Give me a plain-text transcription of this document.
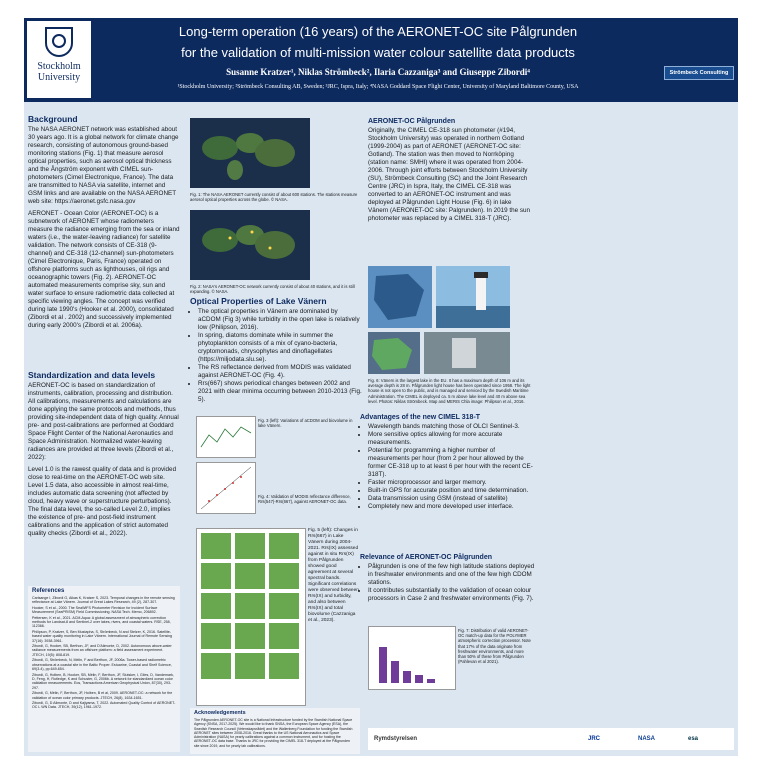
Stockholm University
Long-term operation (16 years) of the AERONET-OC site Pålgrunden
for the validation of multi-mission water colour satellite data products
Susanne Kratzer¹, Niklas Strömbeck², Ilaria Cazzaniga³ and Giuseppe Zibordi⁴
¹Stockholm University; ²Strömbeck Consulting AB, Sweden; ³JRC, Ispra, Italy; ⁴NASA Goddard Space Flight Center, University of Maryland Baltimore County, USA
Strömbeck Consulting
Background
The NASA AERONET network was established about 30 years ago. It is a global network for climate change research, consisting of autonomous ground-based monitoring stations (Fig. 1) that measure aerosol optical properties, such as aerosol optical thickness and the Ångström exponent with CIMEL sun-photometers (Cimel Electronique, France). The data are transmitted to NASA via satellite, internet and GSM links and are available on the NASA AERONET web site: https://aeronet.gsfc.nasa.gov
AERONET - Ocean Color (AERONET-OC) is a subnetwork of AERONET whose radiometers measure the radiance emerging from the sea or inland waters (i.e., the water-leaving radiance) for satellite validation. The network consists of CE-318 (9-channel) and CE-318 (12-channel) sun-photometers (Cimel Electronique, Paris, France) operated on offshore platforms such as lighthouses, oil rigs and oceanographic towers (Fig. 2). AERONET-OC automated measurements comprise sky, sun and water surface to ensure radiometric data collected at specific viewing angles. The concept was verified during late 1990's (Hooker et al. 2000), consolidated (Zibordi et al . 2002) and successively implemented during early 2000's (Zibordi et al. 2006a).
Standardization and data levels
AERONET-OC is based on standardization of instruments, calibration, processing and distribution. All calibrations, measurements and calculations are done applying the same protocols and methods, thus providing site-independent data of high quality. Annual pre- and post-calibrations are performed at Goddard Space Flight Center of the National Aeronautics and Space Administration. Normalized water-leaving radiances are provided at three levels (Zibordi et al., 2022):
Level 1.0 is the rawest quality of data and is provided close to real-time on the AERONET-OC web site. Level 1.5 data, also accessible in almost real-time, includes automatic data screening (not affected by cloud, heavy wave or superstructure perturbations). The final data level, the so-called Level 2.0, implies the existence of pre- and post-field instrument calibrations and the application of strict automated quality checks (Zibordi et al., 2022).
References
Carlsange I, Zibordi G, Aikas K, Kratzer S, 2023. Temporal changes in the remote sensing reflectance at Lake Vänern. Journal of Great Lakes Research, 49 (2), 287-307.
Hooker, S et al., 2000. The SeaWiFS Photometer Revision for Incident Surface Measurement (SeaPRISM) Field Commissioning. NASA Tech. Memo, 206892.
Pettersen, K et al., 2021. ACM-Aqua: A global assessment of atmospheric correction methods for Landsat-8 and Sentinel-2 over lakes, rivers, and coastal waters. RSE, 258, 112366.
Philipson, P, Kratzer, S, Ben Mustapha, S, Strömbeck, N and Stelzer, K, 2016. Satellite-based water quality monitoring in Lake Vänern. International Journal of Remote Sensing 37(16): 3938-3961.
Zibordi, G, Hooker, SB, Berthon, JF, and D'Alimonte, D, 2002. Autonomous above-water radiance measurements from an offshore platform: a field assessment experiment. JTECH, 19(5): 808-819.
Zibordi, G, Strömbeck, N, Mélin, F and Berthon, JF, 2006a. Tower-based radiometric observations at a coastal site in the Baltic Proper. Estuarine, Coastal and Shelf Science, 69(3-4), pp.649-654.
Zibordi, G, Holben, B, Hooker, SB, Mélin, F, Berthon, JF, Slutsker, I, Giles, D, Vandemark, D, Feng, H, Rutledge, K and Schuster, G, 2006b. A network for standardized ocean color validation measurements. Eos, Transactions American Geophysical Union, 87(30), 293-297.
Zibordi, G, Mélin, F, Berthon, JF, Holben, B et al, 2009. AERONET-OC: a network for the validation of ocean color primary products. JTECH, 26(8), 1634-1651.
Zibordi, G, D Alimonte, D and Kajiyama, T, 2022. Automated Quality Control of AERONET-OC L WN Data. JTECH, 39(12), 1961-1972.
Fig. 1: The NASA AERONET currently consist of about 600 stations. The stations measure aerosol optical properties across the globe. © NASA.
Fig. 2: NASA's AERONET-OC network currently consist of about 40 stations, and it is still expanding. © NASA.
Optical Properties of Lake Vänern
• The optical properties in Vänern are dominated by aCDOM (Fig 3) while turbidity in the open lake is relatively low (Philipson, 2016).
• In spring, diatoms dominate while in summer the phytoplankton consists of a mix of cyano-bacteria, cryptomonads, chrysophytes and dinoflagellates (https://miljodata.slu.se).
• The RS reflectance derived from MODIS was validated against AERONET-OC (Fig. 4).
• Rrs(667) shows periodical changes between 2002 and 2021 with clear minima occurring between 2010-2013 (Fig. 5).
Fig. 3 (left): Variations of aCDOM and biovolume in lake Vänern.
Fig. 4: Validation of MODIS reflectance difference, Rrs(547)-Rrs(667), against AERONET-OC data.
Fig. 5 (left): Changes in Rrs(667) in Lake Vänern during 2004-2021. Rrs(IX) assessed against in situ Rrs(IX) from Pålgrunden showed good agreement at several spectral bands. Significant correlations were observed between Rrs(IX) and turbidity, and also between Rrs(IX) and total biovolume (Cazzaniga et al., 2023).
Acknowledgements
The Pålgrunden AERONET-OC site is a National Infrastructure funded by the Swedish National Space Agency (SNSA, 2017-2025). We would like to thank SNSA, the European Space Agency (ESA), the Swedish Research Council (Vetenskapsrådet) and the Wallenberg Foundation for funding the Swedish AERONET sites between 2008-2016. Great thanks to the US National Aeronautics and Space Administration (NASA) for yearly calibrations against a common instrument, and for hosting the AERONET-OC data base. Thanks to JRC for providing the CIMEL 318-T deployed at the Pålgrunden site since 2019, and for yearly lab calibrations.
AERONET-OC Pålgrunden
Originally, the CIMEL CE-318 sun photometer (#194, Stockholm University) was operated in northern Gotland (1999-2004) as part of AERONET (AERONET-OC site: Gotland). The station was then moved to Norrköping (station name: SMHI) where it was operated from 2004-2006. Through joint efforts between Stockholm University (SU), Strömbeck Consulting (SC) and the Joint Research Centre (JRC) in Ispra, Italy, the CIMEL CE-318 was converted to an AERONET-OC instrument and was deployed at Pålgrunden Light House (Fig. 6) in lake Vänern (AERONET-OC site: Palgrunden). In 2019 the sun photometer was replaced by a CIMEL 318-T (JRC).
Fig. 6: Vänern is the largest lake in the EU. It has a maximum depth of 106 m and its average depth is 28 m. Pålgrunden light house has been operated since 1958. The light house is not open to the public, and is managed and serviced by the Swedish Maritime Administration. The CIMEL is deployed ca. 5 m above lake level and 40 m above sea level. Photos: Niklas Strömbeck. Map and MERIS Chla image: Philipson et al., 2016.
Advantages of the new CIMEL 318-T
• Wavelength bands matching those of OLCI Sentinel-3.
• More sensitive optics allowing for more accurate measurements.
• Potential for programming a higher number of measurements per hour (from 2 per hour allowed by the former CE-318 up to at least 6 per hour with the recent CE-318T).
• Faster microprocessor and larger memory.
• Built-in GPS for accurate position and time determination.
• Data transmission using GSM (instead of satellite)
• Completely new and more developed user interface.
Relevance of AERONET-OC Pålgrunden
• Pålgrunden is one of the few high latitude stations deployed in freshwater environments and one of the few high CDOM stations.
• It contributes substantially to the validation of ocean colour processors in Case 2 and freshwater environments (Fig. 7).
Fig. 7: Distribution of valid AERONET-OC match-up data for the POLYMER atmospheric correction processor. Note that 17% of the data originate from freshwater environments, and more than 50% of these from Pålgrunden (Pahlevan et al 2021).
Rymdstyrelsen	JRC	NASA	esa
